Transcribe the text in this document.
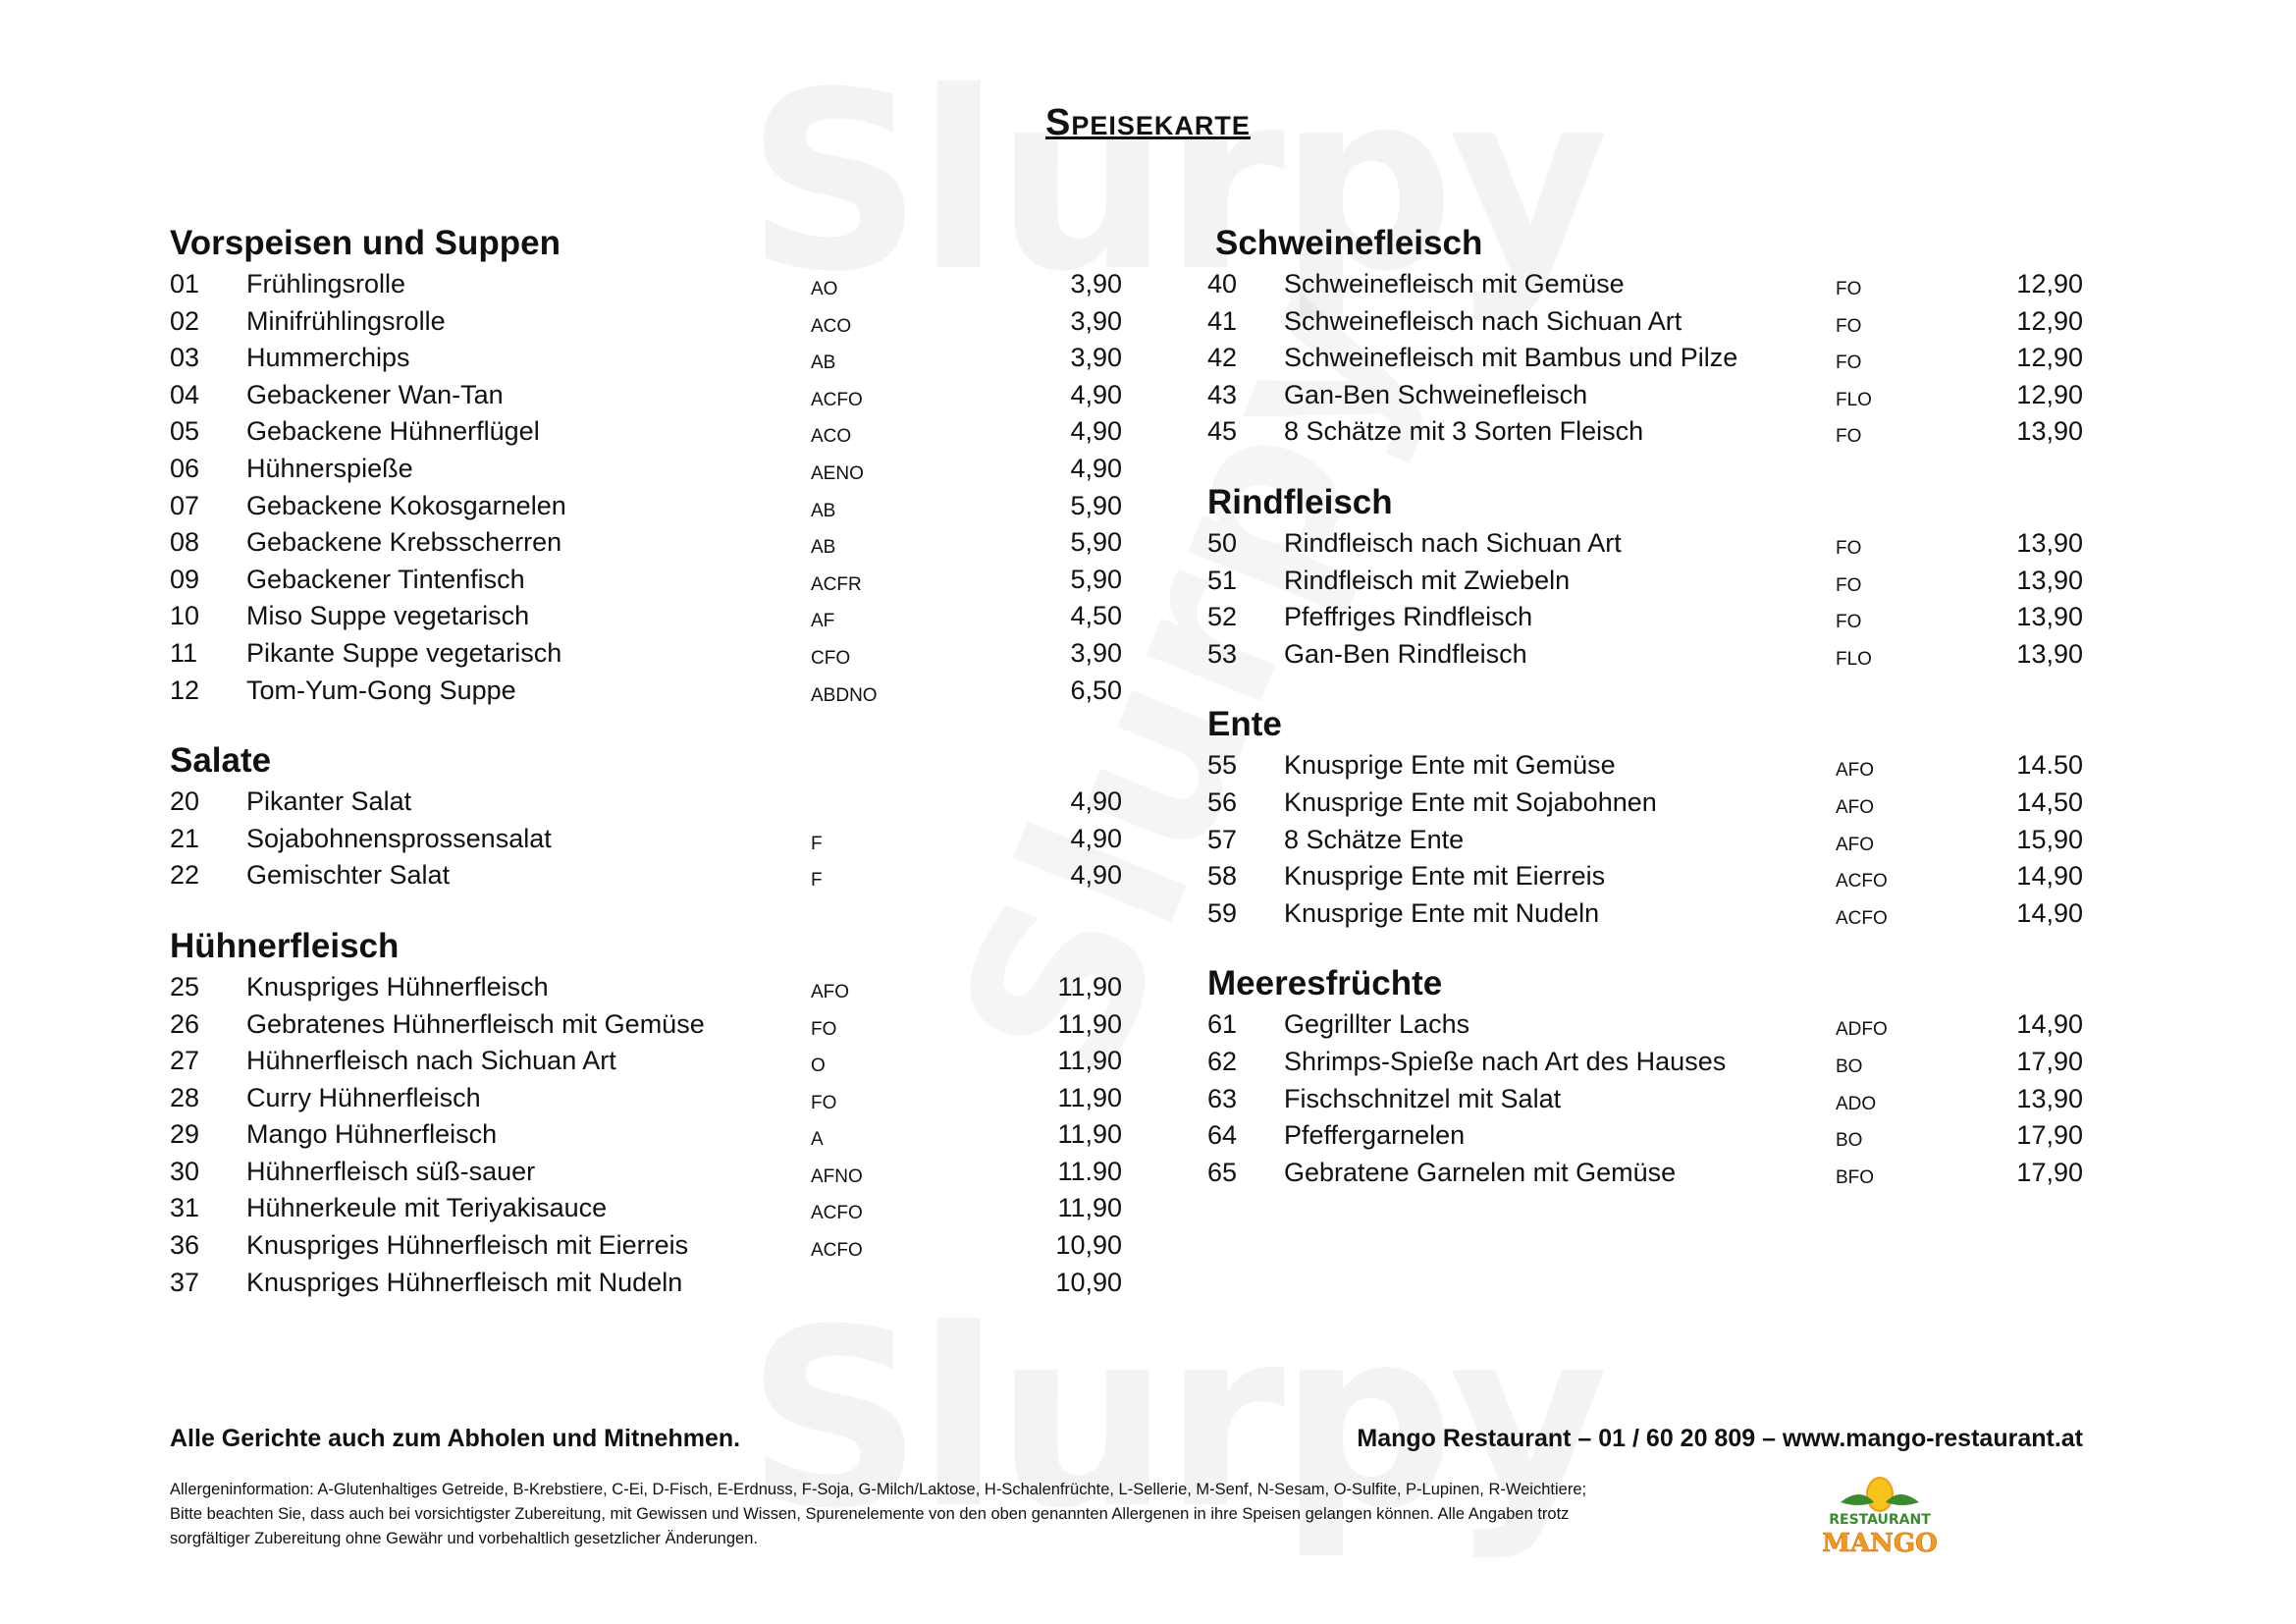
Speisekarte
Vorspeisen und Suppen
01 Frühlingsrolle	AO	3,90
02 Minifrühlingsrolle	ACO	3,90
03 Hummerchips	AB	3,90
04 Gebackener Wan-Tan	ACFO	4,90
05 Gebackene Hühnerflügel	ACO	4,90
06 Hühnerspieße	AENO	4,90
07 Gebackene Kokosgarnelen	AB	5,90
08 Gebackene Krebsscherren	AB	5,90
09 Gebackener Tintenfisch	ACFR	5,90
10 Miso Suppe vegetarisch	AF	4,50
11 Pikante Suppe vegetarisch	CFO	3,90
12 Tom-Yum-Gong Suppe	ABDNO	6,50
Salate
20 Pikanter Salat	4,90
21 Sojabohnensprossensalat	F	4,90
22 Gemischter Salat	F	4,90
Hühnerfleisch
25 Knuspriges Hühnerfleisch	AFO	11,90
26 Gebratenes Hühnerfleisch mit Gemüse	FO	11,90
27 Hühnerfleisch nach Sichuan Art	O	11,90
28 Curry Hühnerfleisch	FO	11,90
29 Mango Hühnerfleisch	A	11,90
30 Hühnerfleisch süß-sauer	AFNO	11.90
31 Hühnerkeule mit Teriyakisauce	ACFO	11,90
36 Knuspriges Hühnerfleisch mit Eierreis	ACFO	10,90
37 Knuspriges Hühnerfleisch mit Nudeln	10,90
Schweinefleisch
40 Schweinefleisch mit Gemüse	FO	12,90
41 Schweinefleisch nach Sichuan Art	FO	12,90
42 Schweinefleisch mit Bambus und Pilze	FO	12,90
43 Gan-Ben Schweinefleisch	FLO	12,90
45 8 Schätze mit 3 Sorten Fleisch	FO	13,90
Rindfleisch
50 Rindfleisch nach Sichuan Art	FO	13,90
51 Rindfleisch mit Zwiebeln	FO	13,90
52 Pfeffriges Rindfleisch	FO	13,90
53 Gan-Ben Rindfleisch	FLO	13,90
Ente
55 Knusprige Ente mit Gemüse	AFO	14.50
56 Knusprige Ente mit Sojabohnen	AFO	14,50
57 8 Schätze Ente	AFO	15,90
58 Knusprige Ente mit Eierreis	ACFO	14,90
59 Knusprige Ente mit Nudeln	ACFO	14,90
Meeresfrüchte
61 Gegrillter Lachs	ADFO	14,90
62 Shrimps-Spieße nach Art des Hauses	BO	17,90
63 Fischschnitzel mit Salat	ADO	13,90
64 Pfeffergarnelen	BO	17,90
65 Gebratene Garnelen mit Gemüse	BFO	17,90
Alle Gerichte auch zum Abholen und Mitnehmen.	Mango Restaurant – 01 / 60 20 809 – www.mango-restaurant.at
Allergeninformation: A-Glutenhaltiges Getreide, B-Krebstiere, C-Ei, D-Fisch, E-Erdnuss, F-Soja, G-Milch/Laktose, H-Schalenfrüchte, L-Sellerie, M-Senf, N-Sesam, O-Sulfite, P-Lupinen, R-Weichtiere;
Bitte beachten Sie, dass auch bei vorsichtigster Zubereitung, mit Gewissen und Wissen, Spurenelemente von den oben genannten Allergenen in ihre Speisen gelangen können. Alle Angaben trotz
sorgfältiger Zubereitung ohne Gewähr und vorbehaltlich gesetzlicher Änderungen.
RESTAURANT
MANGO
